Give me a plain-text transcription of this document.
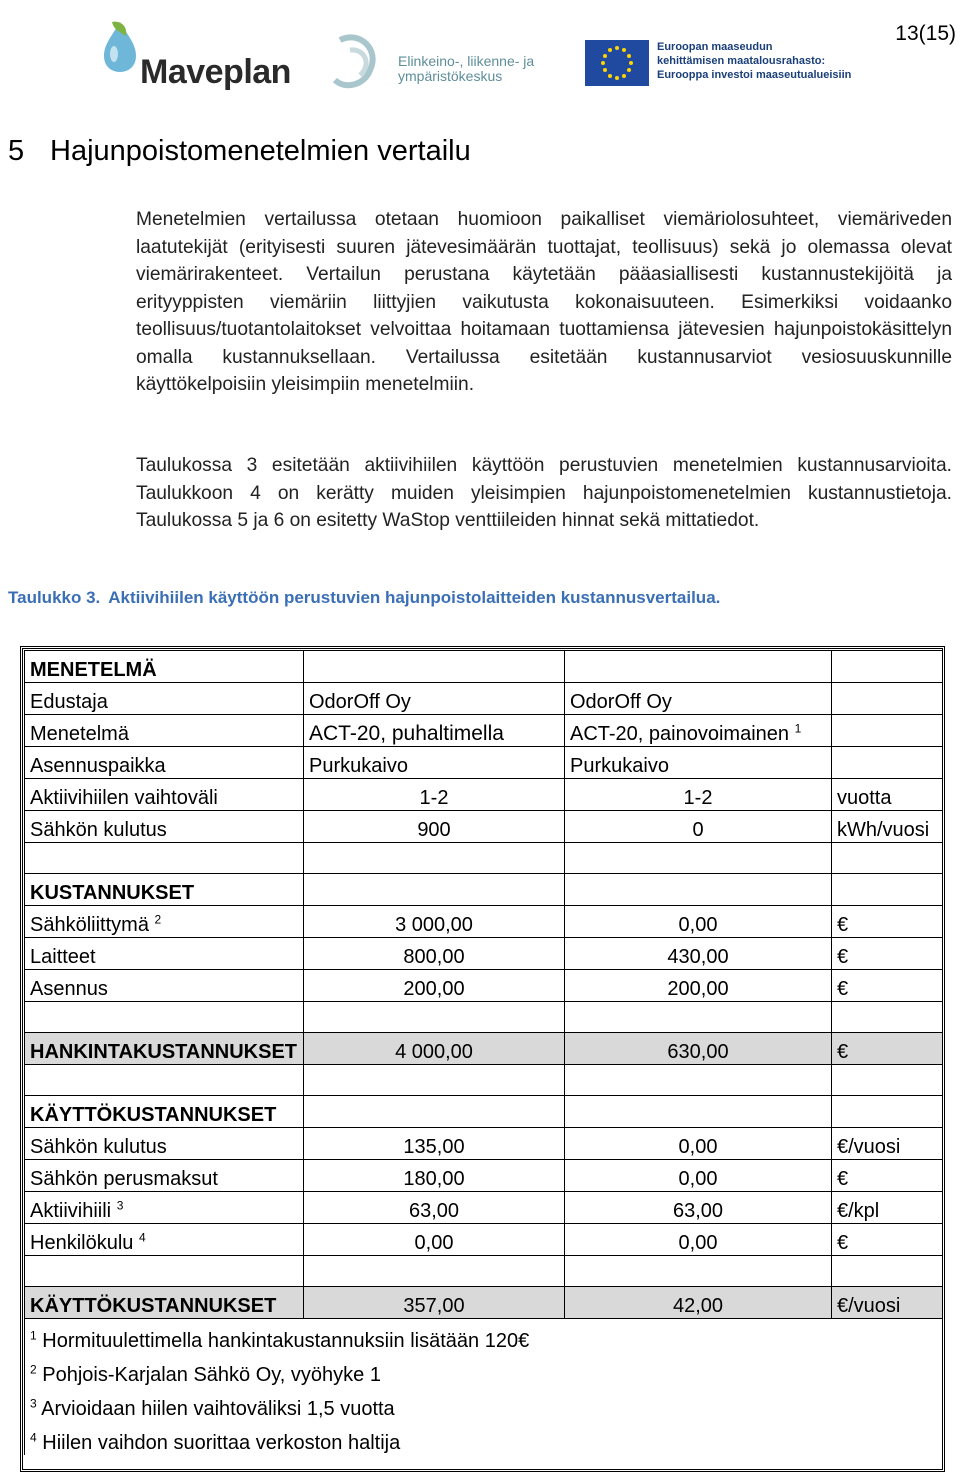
Maveplan	Elinkeino-, liikenne- ja ympäristökeskus
Euroopan maaseudun
kehittämisen maatalousrahasto:
Eurooppa investoi maaseutualueisiin
13(15)
5 Hajunpoistomenetelmien vertailu

Menetelmien vertailussa otetaan huomioon paikalliset viemäriolosuhteet, viemäriveden laatutekijät (erityisesti suuren jätevesimäärän tuottajat, teollisuus) sekä jo olemassa olevat viemärirakenteet. Vertailun perustana käytetään pääasiallisesti kustannustekijöitä ja erityyppisten viemäriin liittyjien vaikutusta kokonaisuuteen. Esimerkiksi voidaanko teollisuus/tuotantolaitokset velvoittaa hoitamaan tuottamiensa jätevesien hajunpoistokäsittelyn omalla kustannuksellaan. Vertailussa esitetään kustannusarviot vesiosuuskunnille käyttökelpoisiin yleisimpiin menetelmiin.

Taulukossa 3 esitetään aktiivihiilen käyttöön perustuvien menetelmien kustannusarvioita. Taulukkoon 4 on kerätty muiden yleisimpien hajunpoistomenetelmien kustannustietoja. Taulukossa 5 ja 6 on esitetty WaStop venttiileiden hinnat sekä mittatiedot.

Taulukko 3. Aktiivihiilen käyttöön perustuvien hajunpoistolaitteiden kustannusvertailua.
MENETELMÄ			
Edustaja	OdorOff Oy	OdorOff Oy	
Menetelmä	ACT-20, puhaltimella	ACT-20, painovoimainen $^1$	
Asennuspaikka	Purkukaivo	Purkukaivo	
Aktiivihiilen vaihtoväli	1-2	1-2	vuotta
Sähkön kulutus	900	0	kWh/vuosi

KUSTANNUKSET			
Sähköliittymä $^2$	3 000,00	0,00	€
Laitteet	800,00	430,00	€
Asennus	200,00	200,00	€

HANKINTAKUSTANNUKSET	4 000,00	630,00	€

KÄYTTÖKUSTANNUKSET			
Sähkön kulutus	135,00	0,00	€/vuosi
Sähkön perusmaksut	180,00	0,00	€
Aktiivihiili $^3$	63,00	63,00	€/kpl
Henkilökulu $^4$	0,00	0,00	€

KÄYTTÖKUSTANNUKSET	357,00	42,00	€/vuosi
$^1$ Hormituulettimella hankintakustannuksiin lisätään 120€			
$^2$ Pohjois-Karjalan Sähkö Oy, vyöhyke 1			
$^3$ Arvioidaan hiilen vaihtoväliksi 1,5 vuotta			
$^4$ Hiilen vaihdon suorittaa verkoston haltija			
